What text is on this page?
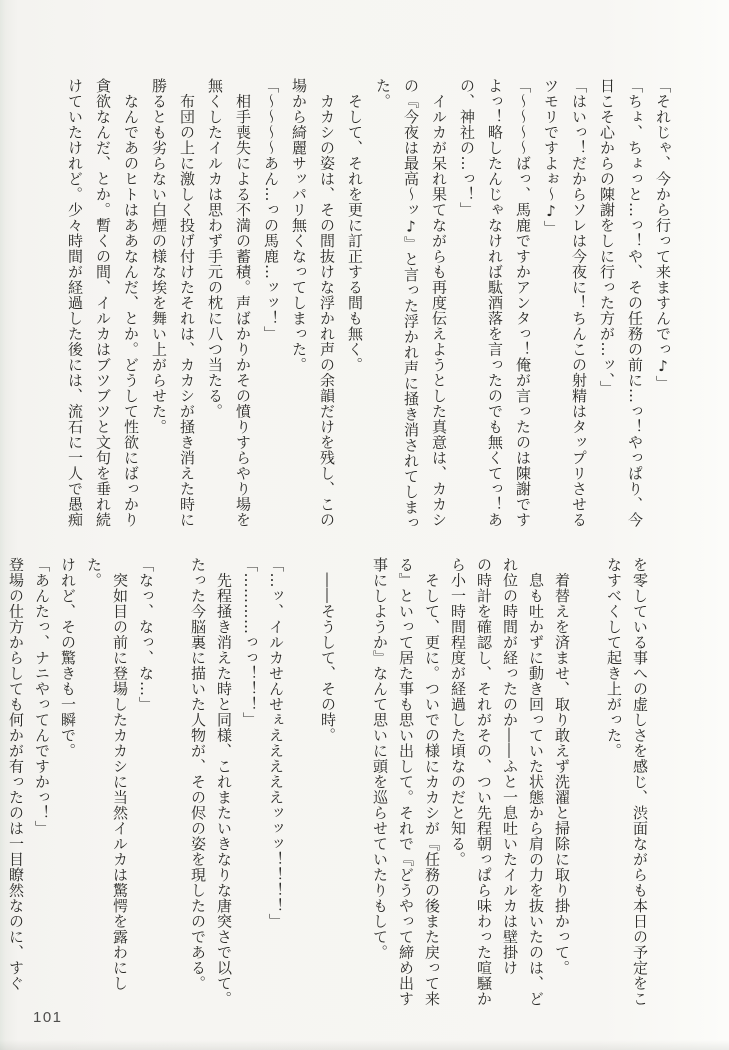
「それじゃ、今から行って来ますんでっ♪」

「ちょ、ちょっと…っ！や、その任務の前に…っ！やっぱり、今

日こそ心からの陳謝をしに行った方が…ッ、」

「はいっ！だからソレは今夜に！ちんこの射精はタップリさせる

ツモリですよぉ〜♪」

「〜〜〜〜ばっ、馬鹿ですかアンタっ！俺が言ったのは陳謝です

よっ！略したんじゃなければ駄酒落を言ったのでも無くてっ！あ

の、神社の…っ！」

　イルカが呆れ果てながらも再度伝えようとした真意は、カカシ

の『今夜は最高〜ッ♪』と言った浮かれ声に掻き消されてしまっ

た。

　そして、それを更に訂正する間も無く。

　カカシの姿は、その間抜けな浮かれ声の余韻だけを残し、この

場から綺麗サッパリ無くなってしまった。

「〜〜〜〜あん…っの馬鹿…ッッ！」

　相手喪失による不満の蓄積。声ばかりかその憤りすらやり場を

無くしたイルカは思わず手元の枕に八つ当たる。

　布団の上に激しく投げ付けたそれは、カカシが掻き消えた時に

勝るとも劣らない白煙の様な埃を舞い上がらせた。

　なんであのヒトはああなんだ、とか。どうして性欲にばっかり

貪欲なんだ、とか。暫くの間、イルカはブツブツと文句を垂れ続

けていたけれど。少々時間が経過した後には、流石に一人で愚痴

を零している事への虚しさを感じ、渋面ながらも本日の予定をこ

なすべくして起き上がった。

　着替えを済ませ、取り敢えず洗濯と掃除に取り掛かって。

　息も吐かずに動き回っていた状態から肩の力を抜いたのは、ど

れ位の時間が経ったのか――ふと一息吐いたイルカは壁掛け

の時計を確認し、それがその、つい先程朝っぱら味わった喧騒か

ら小一時間程度が経過した頃なのだと知る。

　そして、更に。ついでの様にカカシが『任務の後また戻って来

る』といって居た事も思い出して。それで『どうやって締め出す

事にしようか』なんて思いに頭を巡らせていたりもして。

　――そうして、その時。

「…ッ、イルカせんせぇえええええッッッ！！！！」

「…………っっ！！！」

　先程掻き消えた時と同様、これまたいきなりな唐突さで以て。

たった今脳裏に描いた人物が、その侭の姿を現したのである。

「なっ、なっ、な…」

　突如目の前に登場したカカシに当然イルカは驚愕を露わにした。

けれど、その驚きも一瞬で。

「あんたっ、ナニやってんですかっ！」

登場の仕方からしても何かが有ったのは一目瞭然なのに、すぐ

101
